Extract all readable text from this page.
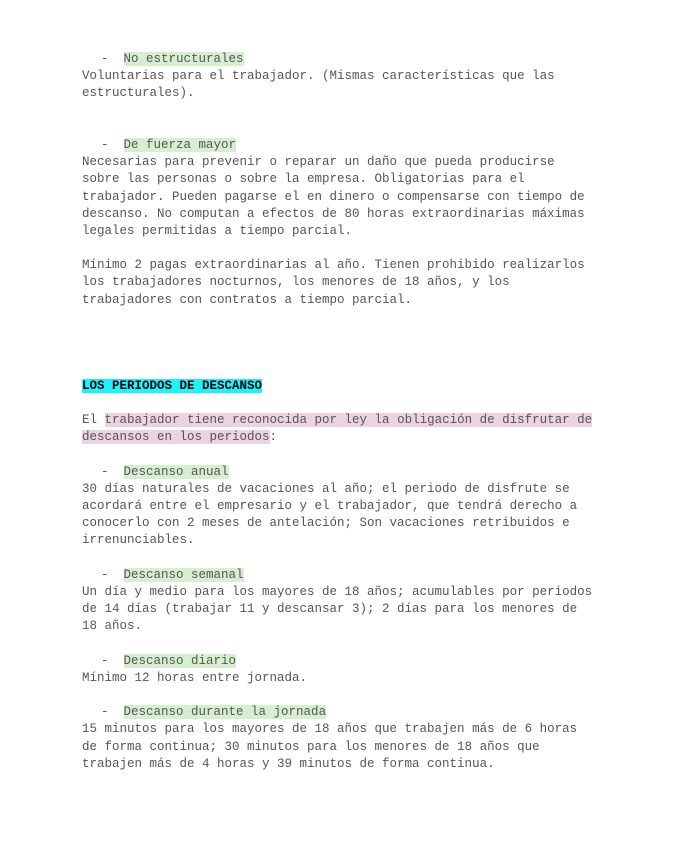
- No estructurales
Voluntarias para el trabajador. (Mismas características que las
estructurales).
- De fuerza mayor
Necesarias para prevenir o reparar un daño que pueda producirse
sobre las personas o sobre la empresa. Obligatorias para el
trabajador. Pueden pagarse el en dinero o compensarse con tiempo de
descanso. No computan a efectos de 80 horas extraordinarias máximas
legales permitidas a tiempo parcial.
Mínimo 2 pagas extraordinarias al año. Tienen prohibido realizarlos
los trabajadores nocturnos, los menores de 18 años, y los
trabajadores con contratos a tiempo parcial.
LOS PERIODOS DE DESCANSO
El trabajador tiene reconocida por ley la obligación de disfrutar de
descansos en los periodos:
- Descanso anual
30 días naturales de vacaciones al año; el periodo de disfrute se
acordará entre el empresario y el trabajador, que tendrá derecho a
conocerlo con 2 meses de antelación; Son vacaciones retribuidos e
irrenunciables.
- Descanso semanal
Un día y medio para los mayores de 18 años; acumulables por periodos
de 14 días (trabajar 11 y descansar 3); 2 días para los menores de
18 años.
- Descanso diario
Mínimo 12 horas entre jornada.
- Descanso durante la jornada
15 minutos para los mayores de 18 años que trabajen más de 6 horas
de forma continua; 30 minutos para los menores de 18 años que
trabajen más de 4 horas y 39 minutos de forma continua.
